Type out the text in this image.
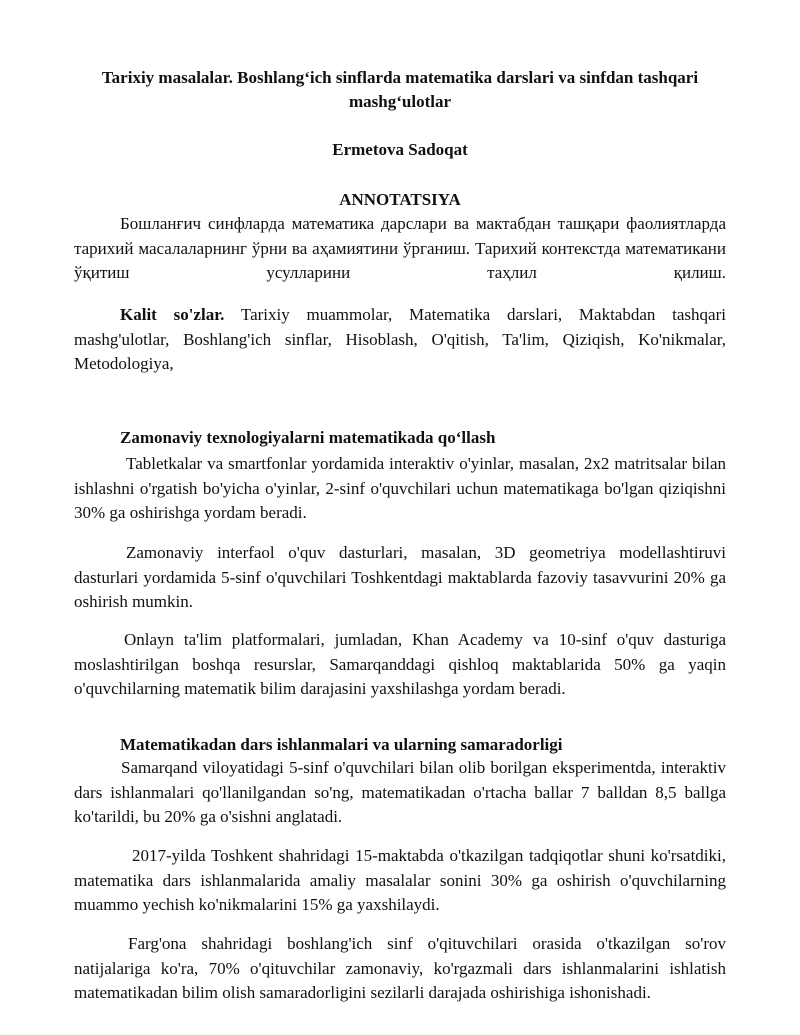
Tarixiy masalalar. Boshlang‘ich sinflarda matematika darslari va sinfdan tashqari mashg‘ulotlar
Ermetova Sadoqat
ANNOTATSIYA

Бошланғич синфларда математика дарслари ва мактабдан ташқари фаолиятларда тарихий масалаларнинг ўрни ва аҳамиятини ўрганиш. Тарихий контекстда математикани ўқитиш усулларини таҳлил қилиш.

Kalit so'zlar. Tarixiy muammolar, Matematika darslari, Maktabdan tashqari mashg'ulotlar, Boshlang'ich sinflar, Hisoblash, O'qitish, Ta'lim, Qiziqish, Ko'nikmalar, Metodologiya,

Zamonaviy texnologiyalarni matematikada qo‘llash

Tabletkalar va smartfonlar yordamida interaktiv o'yinlar, masalan, 2x2 matritsalar bilan ishlashni o'rgatish bo'yicha o'yinlar, 2-sinf o'quvchilari uchun matematikaga bo'lgan qiziqishni 30% ga oshirishga yordam beradi.

Zamonaviy interfaol o'quv dasturlari, masalan, 3D geometriya modellashtiruvi dasturlari yordamida 5-sinf o'quvchilari Toshkentdagi maktablarda fazoviy tasavvurini 20% ga oshirish mumkin.

Onlayn ta'lim platformalari, jumladan, Khan Academy va 10-sinf o'quv dasturiga moslashtirilgan boshqa resurslar, Samarqanddagi qishloq maktablarida 50% ga yaqin o'quvchilarning matematik bilim darajasini yaxshilashga yordam beradi.

Matematikadan dars ishlanmalari va ularning samaradorligi

Samarqand viloyatidagi 5-sinf o'quvchilari bilan olib borilgan eksperimentda, interaktiv dars ishlanmalari qo'llanilgandan so'ng, matematikadan o'rtacha ballar 7 balldan 8,5 ballga ko'tarildi, bu 20% ga o'sishni anglatadi.

2017-yilda Toshkent shahridagi 15-maktabda o'tkazilgan tadqiqotlar shuni ko'rsatdiki, matematika dars ishlanmalarida amaliy masalalar sonini 30% ga oshirish o'quvchilarning muammo yechish ko'nikmalarini 15% ga yaxshilaydi.

Farg'ona shahridagi boshlang'ich sinf o'qituvchilari orasida o'tkazilgan so'rov natijalariga ko'ra, 70% o'qituvchilar zamonaviy, ko'rgazmali dars ishlanmalarini ishlatish matematikadan bilim olish samaradorligini sezilarli darajada oshirishiga ishonishadi.
